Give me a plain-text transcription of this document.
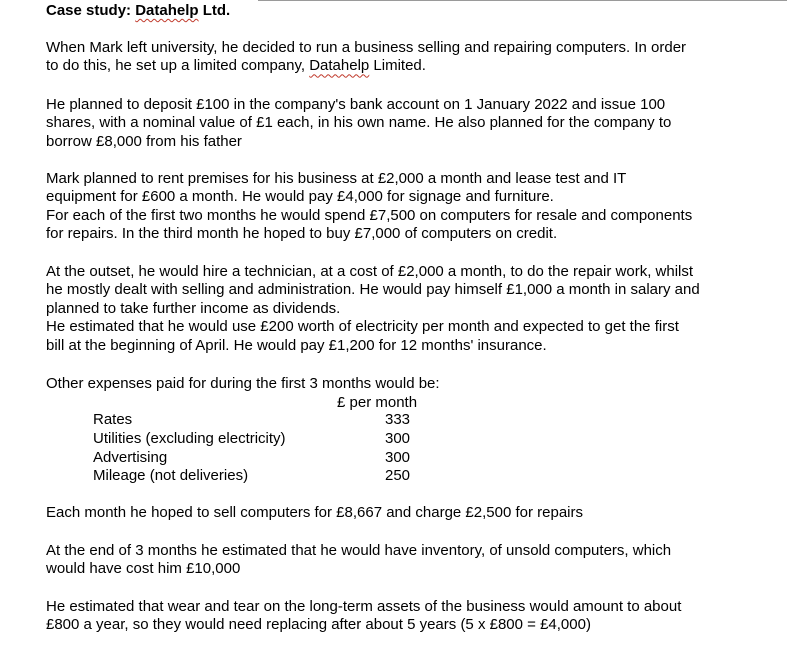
Case study: Datahelp Ltd.
When Mark left university, he decided to run a business selling and repairing computers. In order
to do this, he set up a limited company, Datahelp Limited.
He planned to deposit £100 in the company's bank account on 1 January 2022 and issue 100
shares, with a nominal value of £1 each, in his own name. He also planned for the company to
borrow £8,000 from his father
Mark planned to rent premises for his business at £2,000 a month and lease test and IT
equipment for £600 a month. He would pay £4,000 for signage and furniture.
For each of the first two months he would spend £7,500 on computers for resale and components
for repairs. In the third month he hoped to buy £7,000 of computers on credit.
At the outset, he would hire a technician, at a cost of £2,000 a month, to do the repair work, whilst
he mostly dealt with selling and administration. He would pay himself £1,000 a month in salary and
planned to take further income as dividends.
He estimated that he would use £200 worth of electricity per month and expected to get the first
bill at the beginning of April. He would pay £1,200 for 12 months' insurance.
Other expenses paid for during the first 3 months would be:
£ per month
Rates	333
Utilities (excluding electricity)	300
Advertising	300
Mileage (not deliveries)	250
Each month he hoped to sell computers for £8,667 and charge £2,500 for repairs
At the end of 3 months he estimated that he would have inventory, of unsold computers, which
would have cost him £10,000
He estimated that wear and tear on the long-term assets of the business would amount to about
£800 a year, so they would need replacing after about 5 years (5 x £800 = £4,000)
